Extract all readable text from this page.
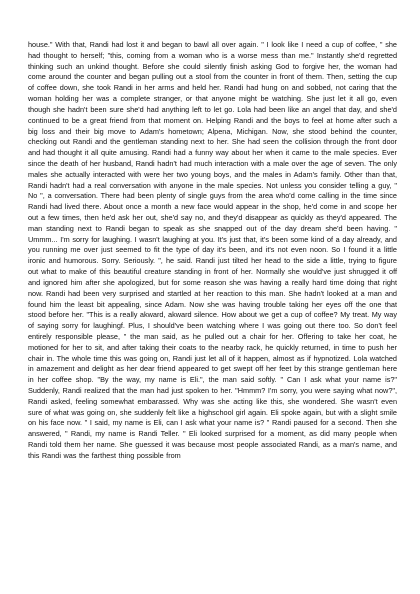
house." With that, Randi had lost it and began to bawl all over again. " I look like I need a cup of coffee, " she had thought to herself; "this, coming from a woman who is a worse mess than me." Instantly she'd regretted thinking such an unkind thought. Before she could silently finish asking God to forgive her, the woman had come around the counter and began pulling out a stool from the counter in front of them. Then, setting the cup of coffee down, she took Randi in her arms and held her. Randi had hung on and sobbed, not caring that the woman holding her was a complete stranger, or that anyone might be watching. She just let it all go, even though she hadn't been sure she'd had anything left to let go. Lola had been like an angel that day, and she'd continued to be a great friend from that moment on. Helping Randi and the boys to feel at home after such a big loss and their big move to Adam's hometown; Alpena, Michigan. Now, she stood behind the counter, checking out Randi and the gentleman standing next to her. She had seen the collision through the front door and had thought it all quite amusing. Randi had a funny way about her when it came to the male species. Ever since the death of her husband, Randi hadn't had much interaction with a male over the age of seven. The only males she actually interacted with were her two young boys, and the males in Adam's family. Other than that, Randi hadn't had a real conversation with anyone in the male species. Not unless you consider telling a guy, " No ", a conversation. There had been plenty of single guys from the area who'd come calling in the time since Randi had lived there. About once a month a new face would appear in the shop, he'd come in and scope her out a few times, then he'd ask her out, she'd say no, and they'd disappear as quickly as they'd appeared. The man standing next to Randi began to speak as she snapped out of the day dream she'd been having. " Ummm... I'm sorry for laughing. I wasn't laughing at you. It's just that, it's been some kind of a day already, and you running me over just seemed to fit the type of day it's been, and it's not even noon. So I found it a little ironic and humorous. Sorry. Seriously. ", he said. Randi just tilted her head to the side a little, trying to figure out what to make of this beautiful creature standing in front of her. Normally she would've just shrugged it off and ignored him after she apologized, but for some reason she was having a really hard time doing that right now. Randi had been very surprised and startled at her reaction to this man. She hadn't looked at a man and found him the least bit appealing, since Adam. Now she was having trouble taking her eyes off the one that stood before her. "This is a really akward, akward silence. How about we get a cup of coffee? My treat. My way of saying sorry for laughingf. Plus, I should've been watching where I was going out there too. So don't feel entirely responsible please, " the man said, as he pulled out a chair for her. Offering to take her coat, he motioned for her to sit, and after taking their coats to the nearby rack, he quickly returned, in time to push her chair in. The whole time this was going on, Randi just let all of it happen, almost as if hypnotized. Lola watched in amazement and delight as her dear friend appeared to get swept off her feet by this strange gentleman here in her coffee shop. "By the way, my name is Eli.", the man said softly. " Can I ask what your name is?" Suddenly, Randi realized that the man had just spoken to her. "Hmmm? I'm sorry, you were saying what now?", Randi asked, feeling somewhat embarassed. Why was she acting like this, she wondered. She wasn't even sure of what was going on, she suddenly felt like a highschool girl again. Eli spoke again, but with a slight smile on his face now. " I said, my name is Eli, can I ask what your name is? " Randi paused for a second. Then she answered, " Randi, my name is Randi Teller. " Eli looked surprised for a moment, as did many people when Randi told them her name. She guessed it was because most people associated Randi, as a man's name, and this Randi was the farthest thing possible from
